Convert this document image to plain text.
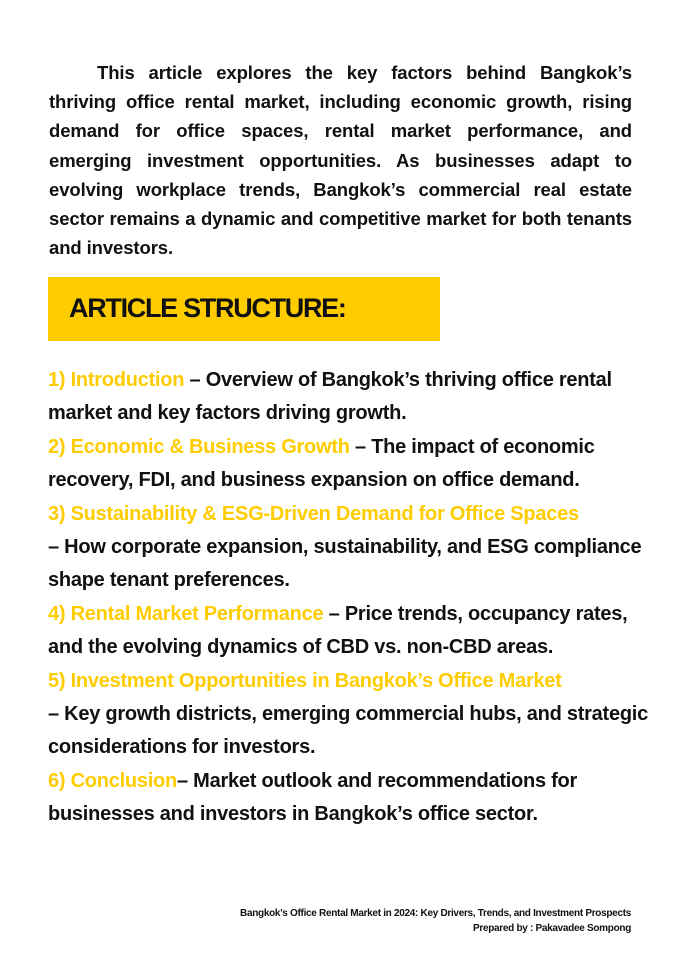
This article explores the key factors behind Bangkok’s thriving office rental market, including economic growth, rising demand for office spaces, rental market performance, and emerging investment opportunities. As businesses adapt to evolving workplace trends, Bangkok’s commercial real estate sector remains a dynamic and competitive market for both tenants and investors.

ARTICLE STRUCTURE:
1) Introduction – Overview of Bangkok’s thriving office rental market and key factors driving growth.
2) Economic & Business Growth – The impact of economic recovery, FDI, and business expansion on office demand.
3) Sustainability & ESG-Driven Demand for Office Spaces
– How corporate expansion, sustainability, and ESG compliance shape tenant preferences.
4) Rental Market Performance – Price trends, occupancy rates, and the evolving dynamics of CBD vs. non-CBD areas.
5) Investment Opportunities in Bangkok’s Office Market
– Key growth districts, emerging commercial hubs, and strategic considerations for investors.
6) Conclusion– Market outlook and recommendations for businesses and investors in Bangkok’s office sector.
Bangkok’s Office Rental Market in 2024: Key Drivers, Trends, and Investment Prospects
Prepared by : Pakavadee Sompong
